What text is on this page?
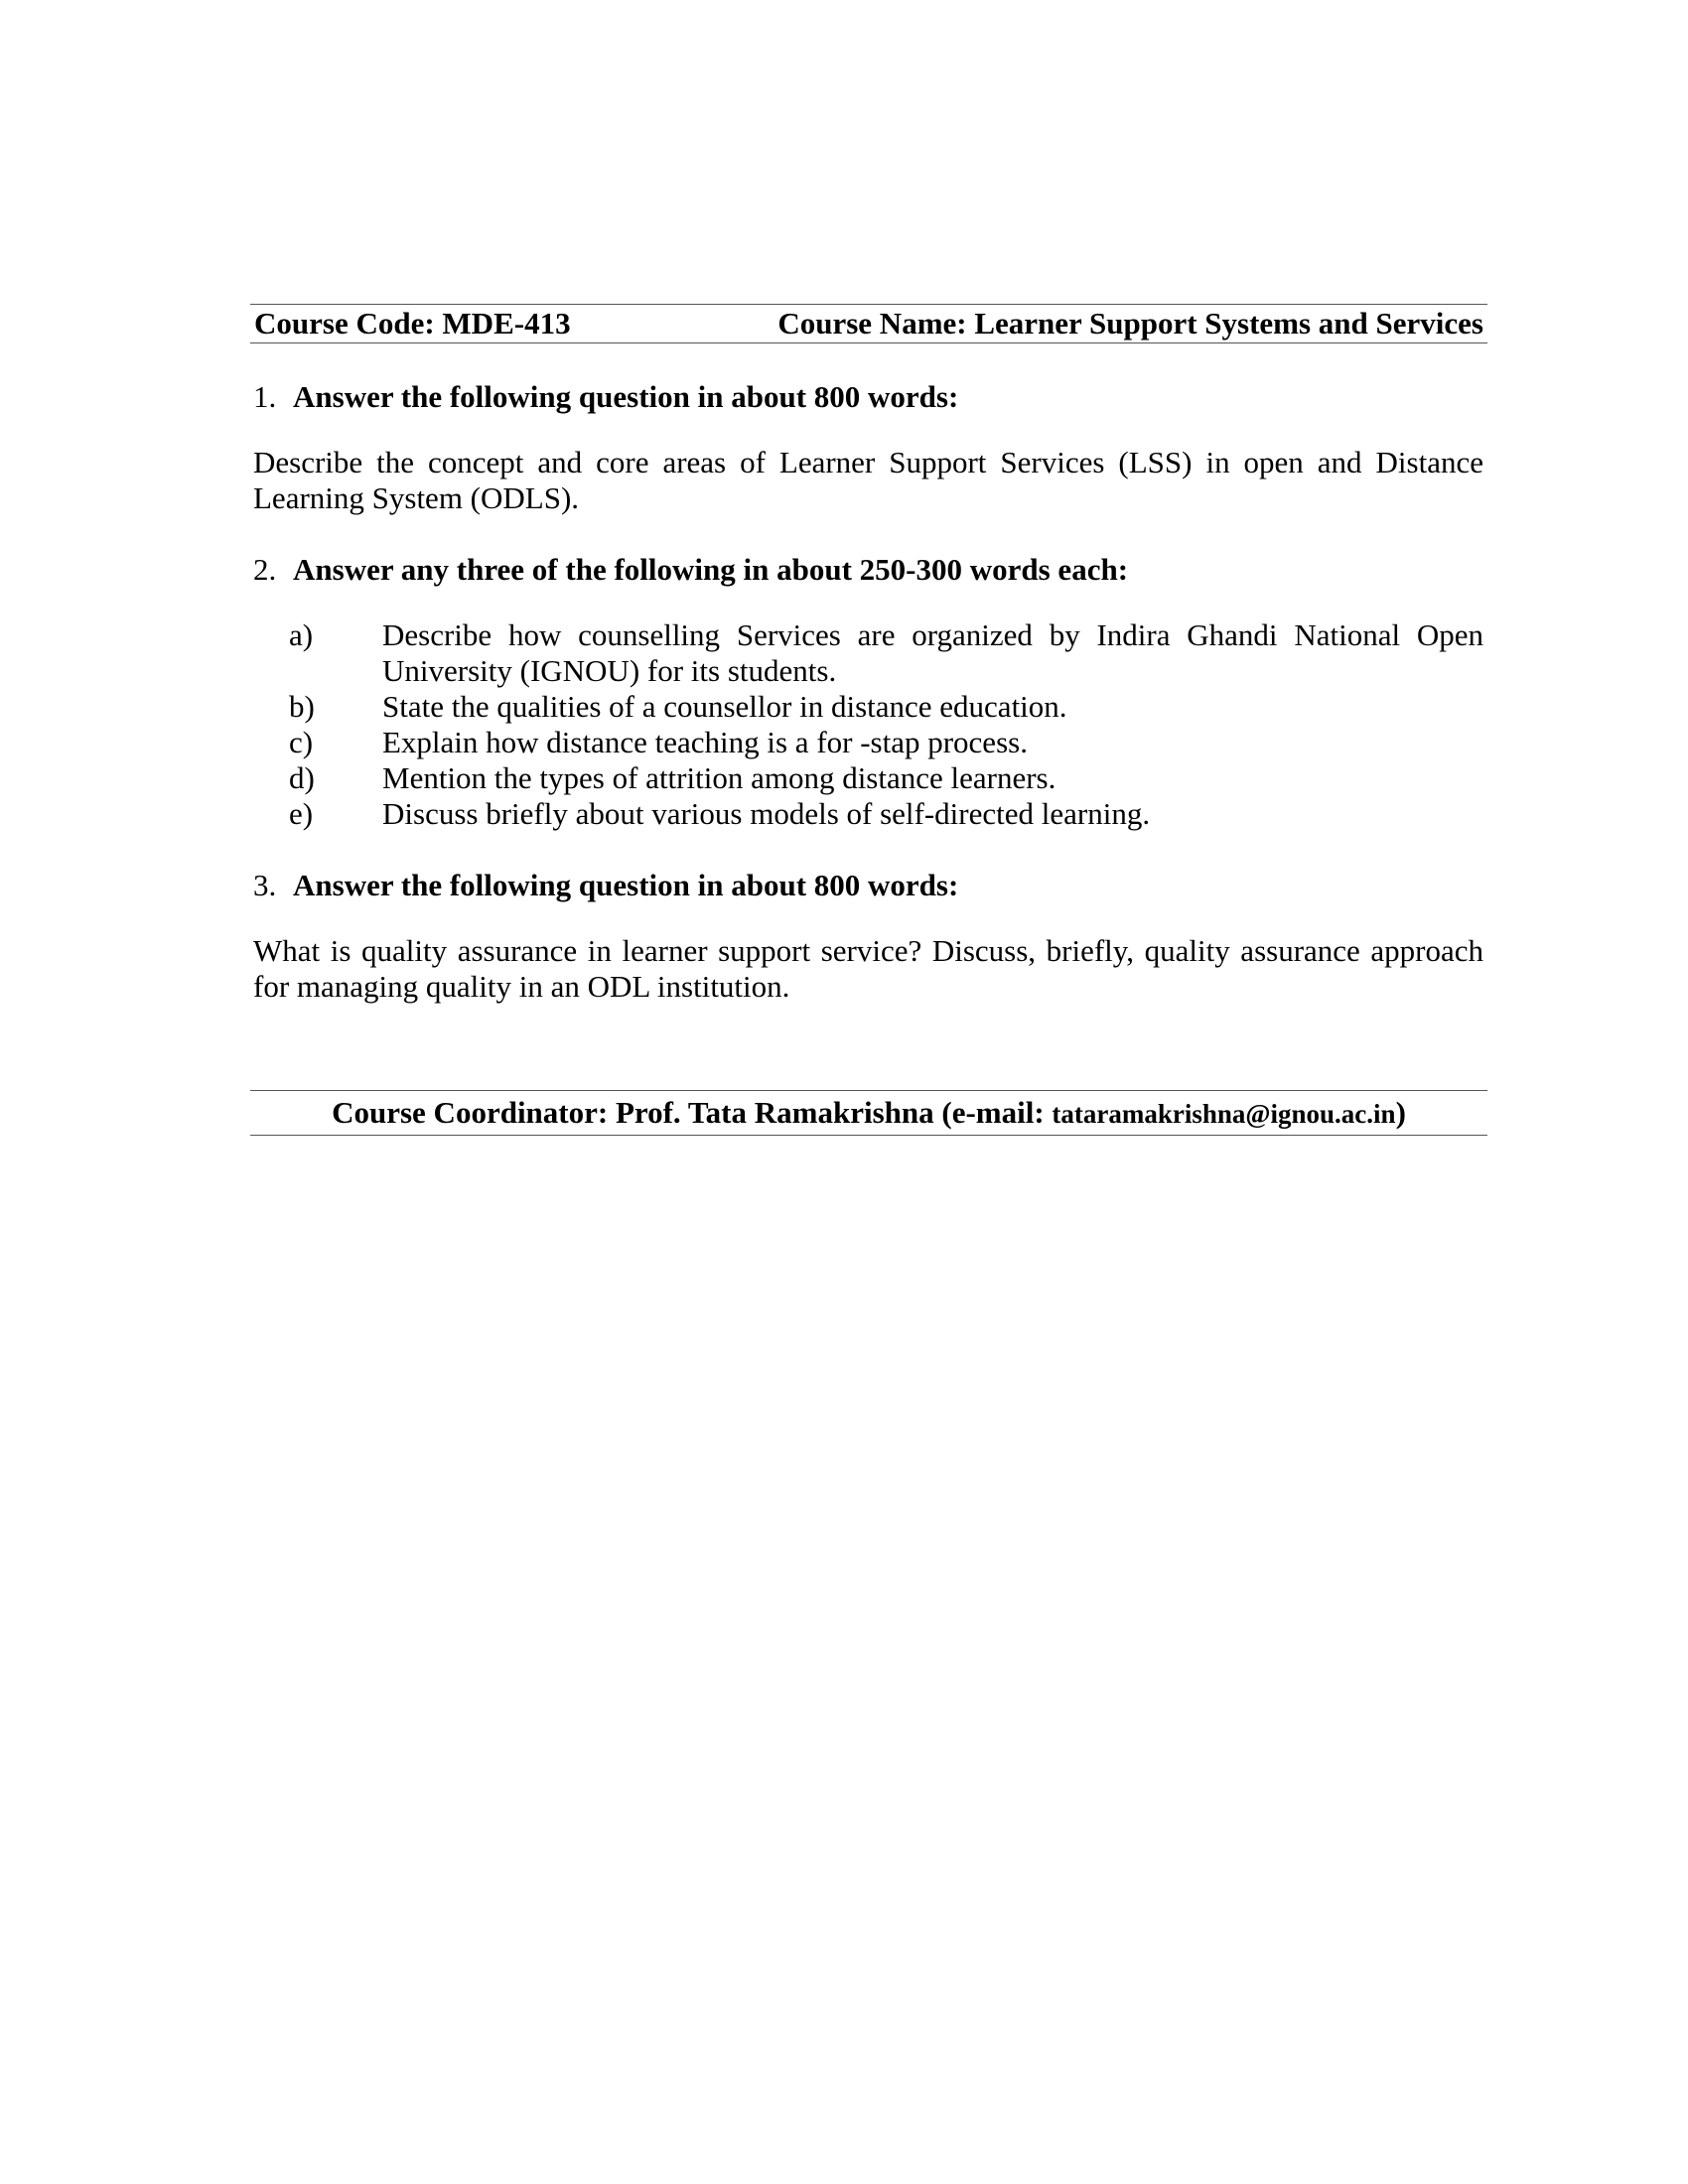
Course Code: MDE-413	Course Name: Learner Support Systems and Services
1. Answer the following question in about 800 words:
Describe the concept and core areas of Learner Support Services (LSS) in open and Distance Learning System (ODLS).
2. Answer any three of the following in about 250-300 words each:
a)	Describe how counselling Services are organized by Indira Ghandi National Open University (IGNOU) for its students.
b)	State the qualities of a counsellor in distance education.
c)	Explain how distance teaching is a for -stap process.
d)	Mention the types of attrition among distance learners.
e)	Discuss briefly about various models of self-directed learning.
3. Answer the following question in about 800 words:
What is quality assurance in learner support service? Discuss, briefly, quality assurance approach for managing quality in an ODL institution.
Course Coordinator: Prof. Tata Ramakrishna (e-mail: tataramakrishna@ignou.ac.in)
